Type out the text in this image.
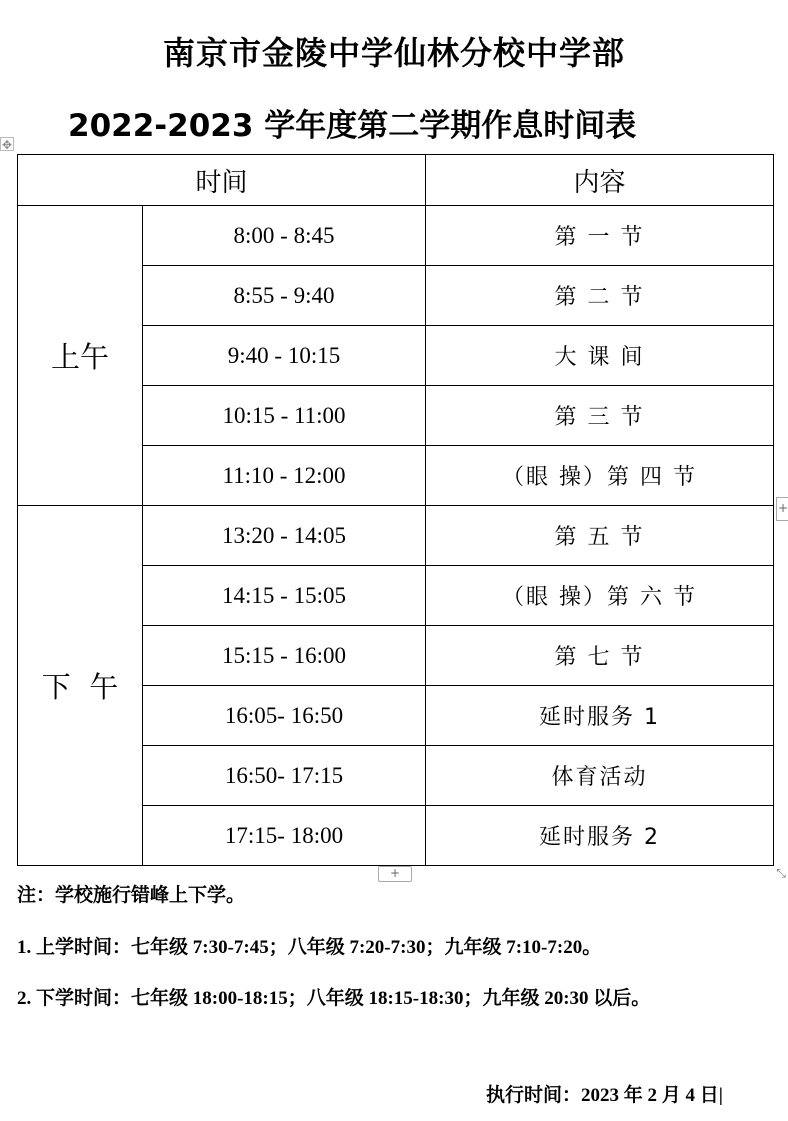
南京市金陵中学仙林分校中学部
2022-2023 学年度第二学期作息时间表
✥
时间		内容
上午	8:00 - 8:45	第 一 节
	8:55 - 9:40	第 二 节
	9:40 - 10:15	大 课 间
	10:15 - 11:00	第 三 节
	11:10 - 12:00	（眼 操）第 四 节
下  午	13:20 - 14:05	第 五 节
	14:15 - 15:05	（眼 操）第 六 节
	15:15 - 16:00	第 七 节
	16:05- 16:50	延时服务 1
	16:50- 17:15	体育活动
	17:15- 18:00	延时服务 2
+
+	⤡
注：学校施行错峰上下学。
1. 上学时间：七年级 7:30-7:45；八年级 7:20-7:30；九年级 7:10-7:20。
2. 下学时间：七年级 18:00-18:15；八年级 18:15-18:30；九年级 20:30 以后。
执行时间：2023 年 2 月 4 日|
